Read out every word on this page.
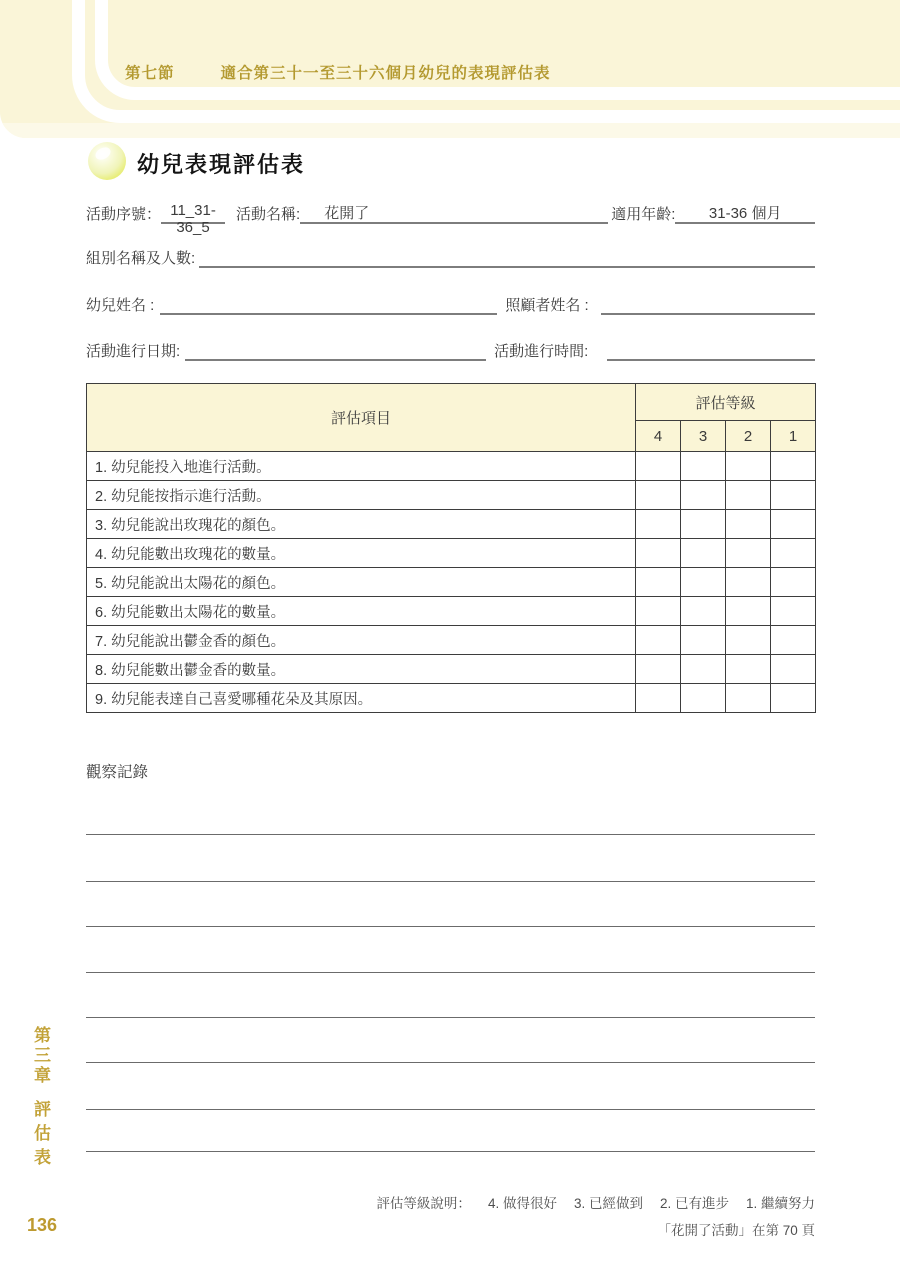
第七節	適合第三十一至三十六個月幼兒的表現評估表
幼兒表現評估表
活動序號： 11_31-36_5
活動名稱:	花開了	適用年齡:	31-36 個月
組別名稱及人數:
幼兒姓名 :	照顧者姓名 :
活動進行日期:	活動進行時間:
評估項目	評估等級			
	4	3	2	1
1. 幼兒能投入地進行活動。				
2. 幼兒能按指示進行活動。				
3. 幼兒能說出玫瑰花的顏色。				
4. 幼兒能數出玫瑰花的數量。				
5. 幼兒能說出太陽花的顏色。				
6. 幼兒能數出太陽花的數量。				
7. 幼兒能說出鬱金香的顏色。				
8. 幼兒能數出鬱金香的數量。				
9. 幼兒能表達自己喜愛哪種花朵及其原因。				
觀察記錄
第三章
評估表
136
評估等級說明： 4. 做得很好 3. 已經做到 2. 已有進步 1. 繼續努力
「花開了活動」在第 70 頁
